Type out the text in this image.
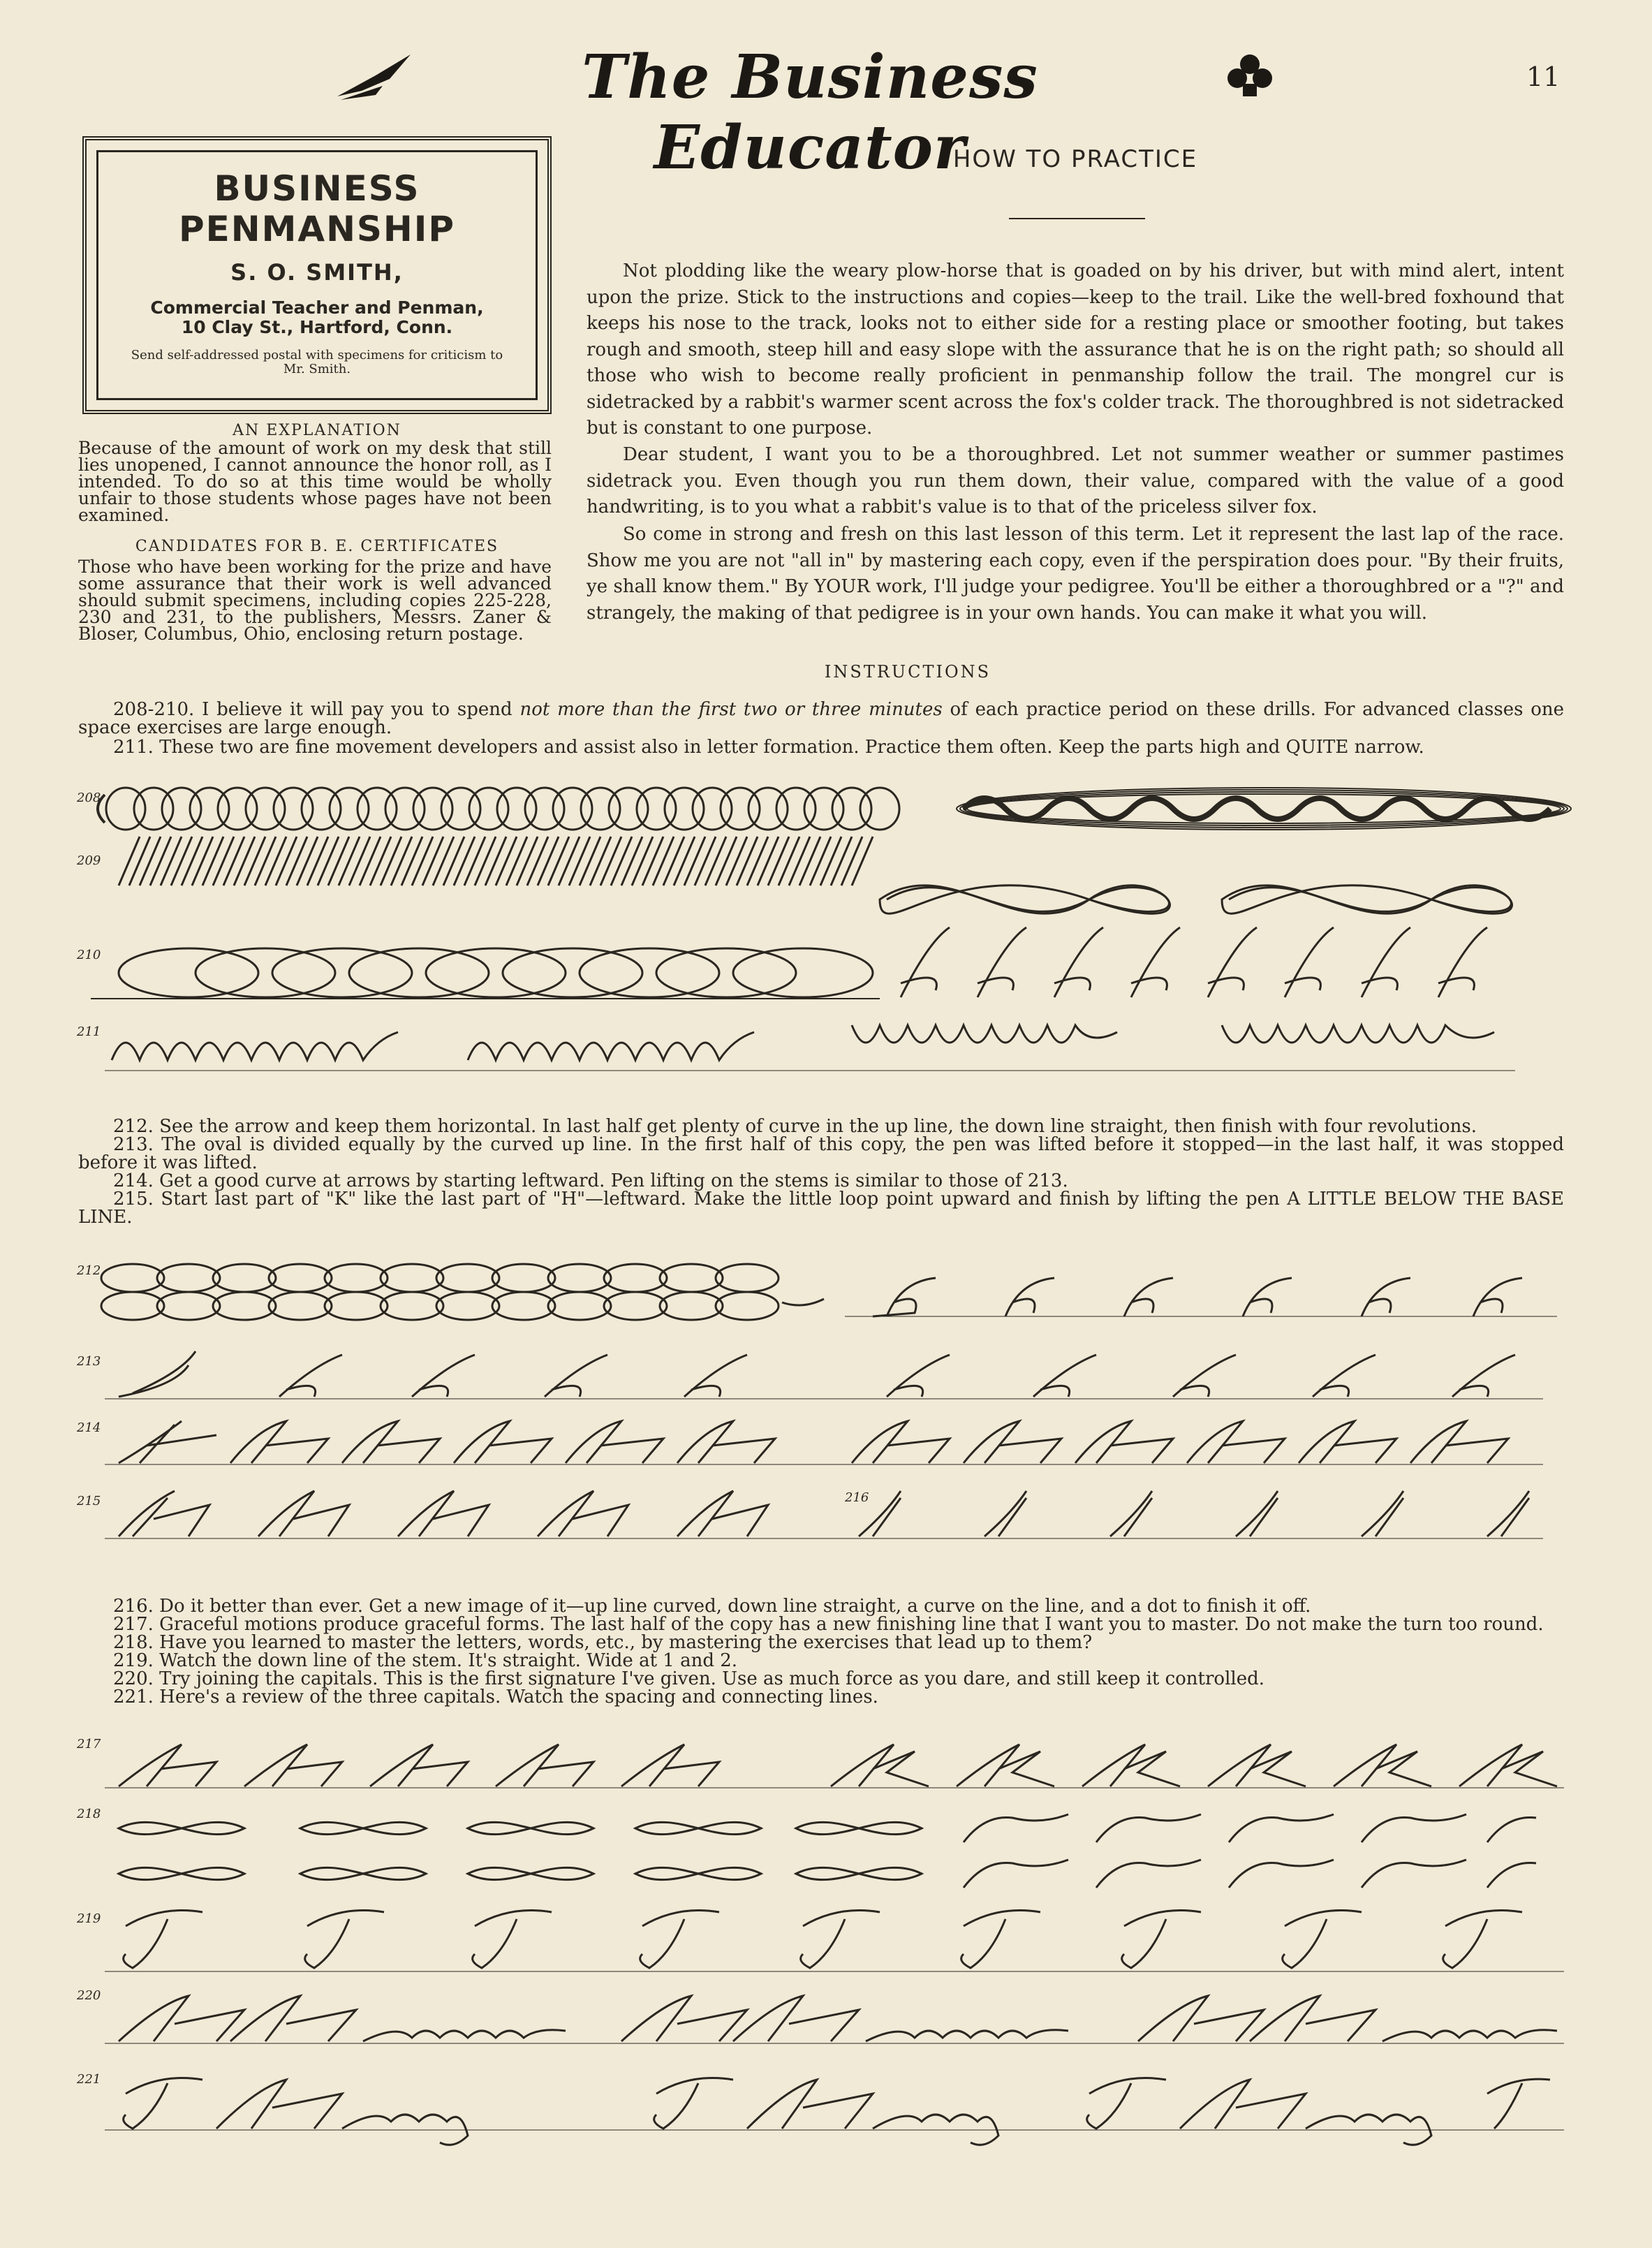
The Business Educator
11
BUSINESS PENMANSHIP
S. O. SMITH,
Commercial Teacher and Penman,
10 Clay St., Hartford, Conn.
Send self-addressed postal with specimens for criticism to Mr. Smith.
AN EXPLANATION
Because of the amount of work on my desk that still lies unopened, I cannot announce the honor roll, as I intended. To do so at this time would be wholly unfair to those students whose pages have not been examined.
CANDIDATES FOR B. E. CERTIFICATES
Those who have been working for the prize and have some assurance that their work is well advanced should submit specimens, including copies 225-228, 230 and 231, to the publishers, Messrs. Zaner & Bloser, Columbus, Ohio, enclosing return postage.
HOW TO PRACTICE
Not plodding like the weary plow-horse that is goaded on by his driver, but with mind alert, intent upon the prize. Stick to the instructions and copies—keep to the trail. Like the well-bred foxhound that keeps his nose to the track, looks not to either side for a resting place or smoother footing, but takes rough and smooth, steep hill and easy slope with the assurance that he is on the right path; so should all those who wish to become really proficient in penmanship follow the trail. The mongrel cur is sidetracked by a rabbit's warmer scent across the fox's colder track. The thoroughbred is not sidetracked but is constant to one purpose.
Dear student, I want you to be a thoroughbred. Let not summer weather or summer pastimes sidetrack you. Even though you run them down, their value, compared with the value of a good handwriting, is to you what a rabbit's value is to that of the priceless silver fox.
So come in strong and fresh on this last lesson of this term. Let it represent the last lap of the race. Show me you are not "all in" by mastering each copy, even if the perspiration does pour. "By their fruits, ye shall know them." By YOUR work, I'll judge your pedigree. You'll be either a thoroughbred or a "?" and strangely, the making of that pedigree is in your own hands. You can make it what you will.
INSTRUCTIONS
208-210. I believe it will pay you to spend not more than the first two or three minutes of each practice period on these drills. For advanced classes one space exercises are large enough.
211. These two are fine movement developers and assist also in letter formation. Practice them often. Keep the parts high and QUITE narrow.
208
209
210
211
212. See the arrow and keep them horizontal. In last half get plenty of curve in the up line, the down line straight, then finish with four revolutions.
213. The oval is divided equally by the curved up line. In the first half of this copy, the pen was lifted before it stopped—in the last half, it was stopped before it was lifted.
214. Get a good curve at arrows by starting leftward. Pen lifting on the stems is similar to those of 213.
215. Start last part of "K" like the last part of "H"—leftward. Make the little loop point upward and finish by lifting the pen A LITTLE BELOW THE BASE LINE.
212
213
214
215	216
216. Do it better than ever. Get a new image of it—up line curved, down line straight, a curve on the line, and a dot to finish it off.
217. Graceful motions produce graceful forms. The last half of the copy has a new finishing line that I want you to master. Do not make the turn too round.
218. Have you learned to master the letters, words, etc., by mastering the exercises that lead up to them?
219. Watch the down line of the stem. It's straight. Wide at 1 and 2.
220. Try joining the capitals. This is the first signature I've given. Use as much force as you dare, and still keep it controlled.
221. Here's a review of the three capitals. Watch the spacing and connecting lines.
217
218
219
220
221
